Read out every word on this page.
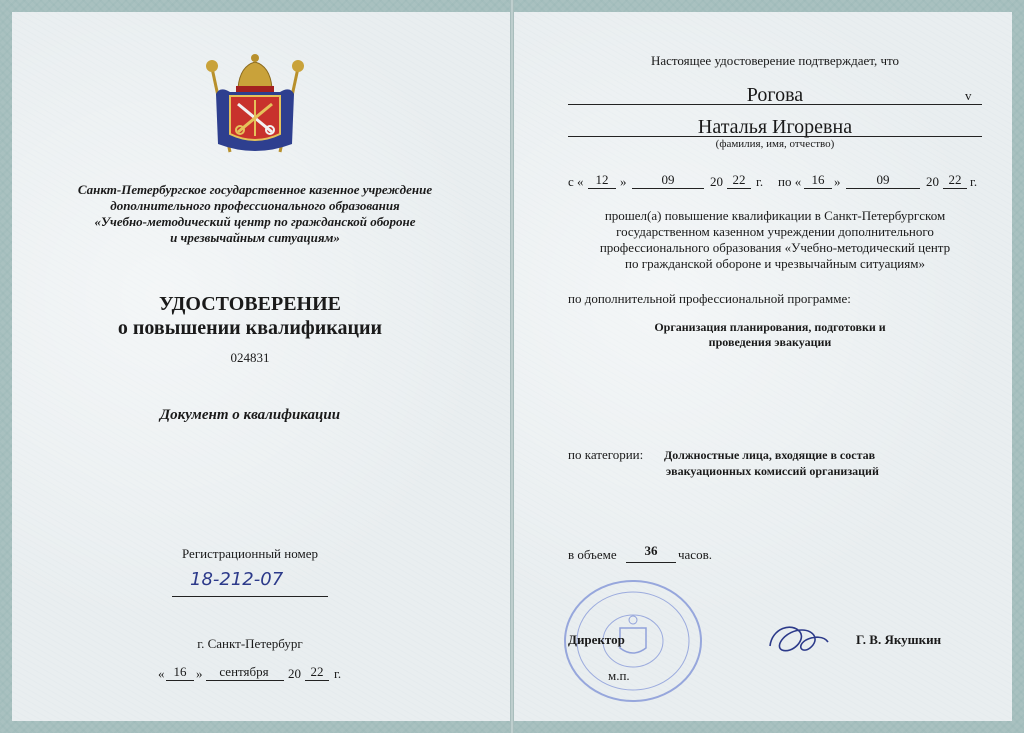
Санкт-Петербургское государственное казенное учреждение
дополнительного профессионального образования
«Учебно-методический центр по гражданской обороне
и чрезвычайным ситуациям»
УДОСТОВЕРЕНИЕ
о повышении квалификации
024831
Документ о квалификации
Регистрационный номер
18-212-07
г. Санкт-Петербург
« 16 »	сентября	20 22 г.
Настоящее удостоверение подтверждает, что
Рогова	v
Наталья Игоревна
(фамилия, имя, отчество)
с « 12 »	09	20 22 г. по « 16 »	09	20 22 г.
прошел(а) повышение квалификации в Санкт-Петербургском
государственном казенном учреждении дополнительного
профессионального образования «Учебно-методический центр
по гражданской обороне и чрезвычайным ситуациям»
по дополнительной профессиональной программе:
Организация планирования, подготовки и
проведения эвакуации
по категории: Должностные лица, входящие в состав
эвакуационных комиссий организаций
в объеме	36	часов.
Директор
м.п.
Г. В. Якушкин
